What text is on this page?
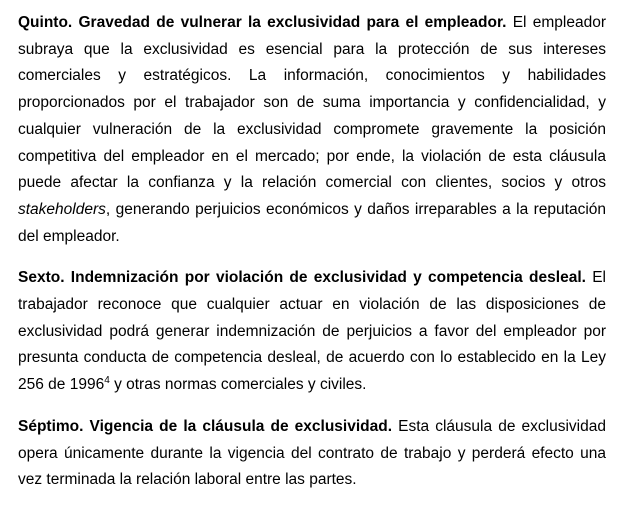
Quinto. Gravedad de vulnerar la exclusividad para el empleador. El empleador subraya que la exclusividad es esencial para la protección de sus intereses comerciales y estratégicos. La información, conocimientos y habilidades proporcionados por el trabajador son de suma importancia y confidencialidad, y cualquier vulneración de la exclusividad compromete gravemente la posición competitiva del empleador en el mercado; por ende, la violación de esta cláusula puede afectar la confianza y la relación comercial con clientes, socios y otros stakeholders, generando perjuicios económicos y daños irreparables a la reputación del empleador.

Sexto. Indemnización por violación de exclusividad y competencia desleal. El trabajador reconoce que cualquier actuar en violación de las disposiciones de exclusividad podrá generar indemnización de perjuicios a favor del empleador por presunta conducta de competencia desleal, de acuerdo con lo establecido en la Ley 256 de 1996$^4$ y otras normas comerciales y civiles.

Séptimo. Vigencia de la cláusula de exclusividad. Esta cláusula de exclusividad opera únicamente durante la vigencia del contrato de trabajo y perderá efecto una vez terminada la relación laboral entre las partes.
